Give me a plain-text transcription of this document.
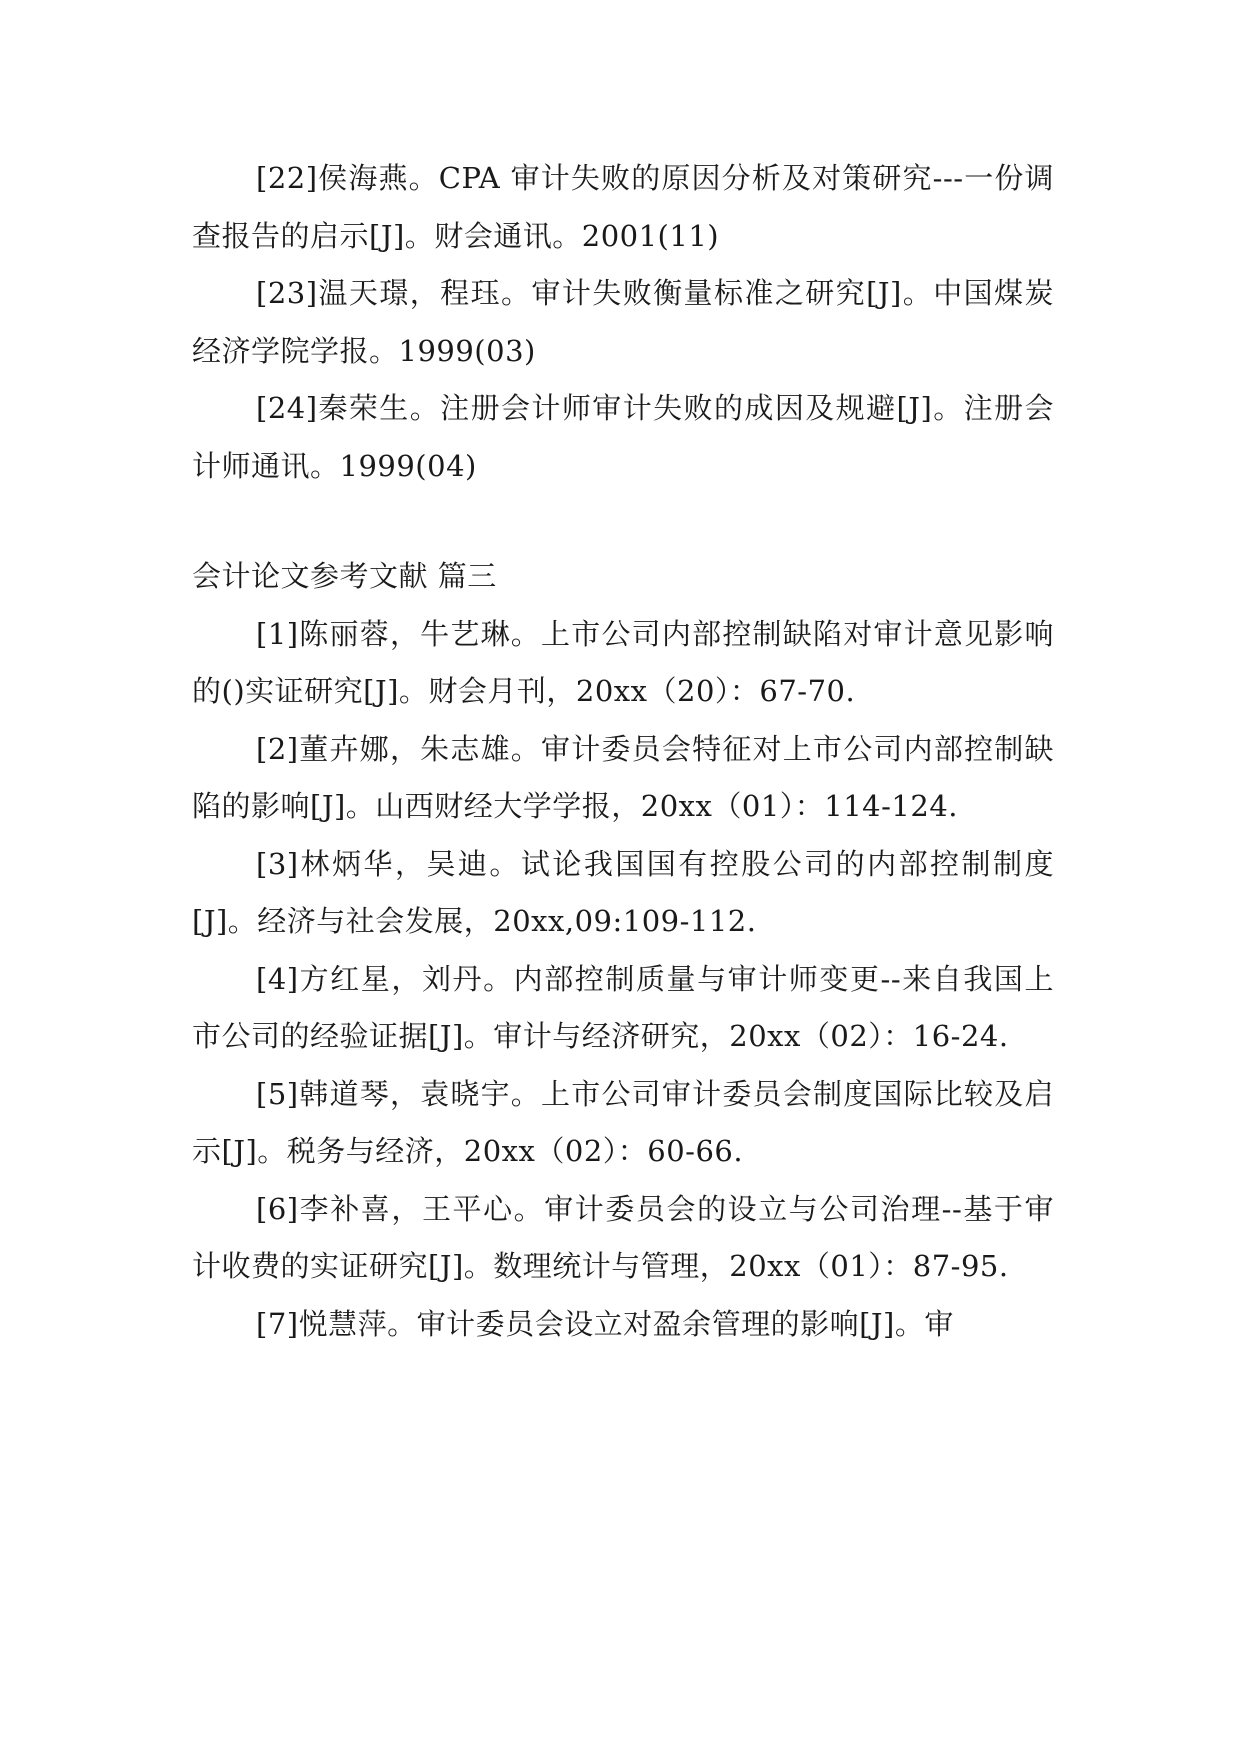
[22]侯海燕。CPA 审计失败的原因分析及对策研究---一份调查报告的启示[J]。财会通讯。2001(11)

[23]温天璟，程珏。审计失败衡量标准之研究[J]。中国煤炭经济学院学报。1999(03)

[24]秦荣生。注册会计师审计失败的成因及规避[J]。注册会计师通讯。1999(04)

会计论文参考文献 篇三

[1]陈丽蓉，牛艺琳。上市公司内部控制缺陷对审计意见影响的()实证研究[J]。财会月刊，20xx（20）：67-70.

[2]董卉娜，朱志雄。审计委员会特征对上市公司内部控制缺陷的影响[J]。山西财经大学学报，20xx（01）：114-124.

[3]林炳华，吴迪。试论我国国有控股公司的内部控制制度[J]。经济与社会发展，20xx,09:109-112.

[4]方红星，刘丹。内部控制质量与审计师变更--来自我国上市公司的经验证据[J]。审计与经济研究，20xx（02）：16-24.

[5]韩道琴，袁晓宇。上市公司审计委员会制度国际比较及启示[J]。税务与经济，20xx（02）：60-66.

[6]李补喜，王平心。审计委员会的设立与公司治理--基于审计收费的实证研究[J]。数理统计与管理，20xx（01）：87-95.

[7]悦慧萍。审计委员会设立对盈余管理的影响[J]。审
